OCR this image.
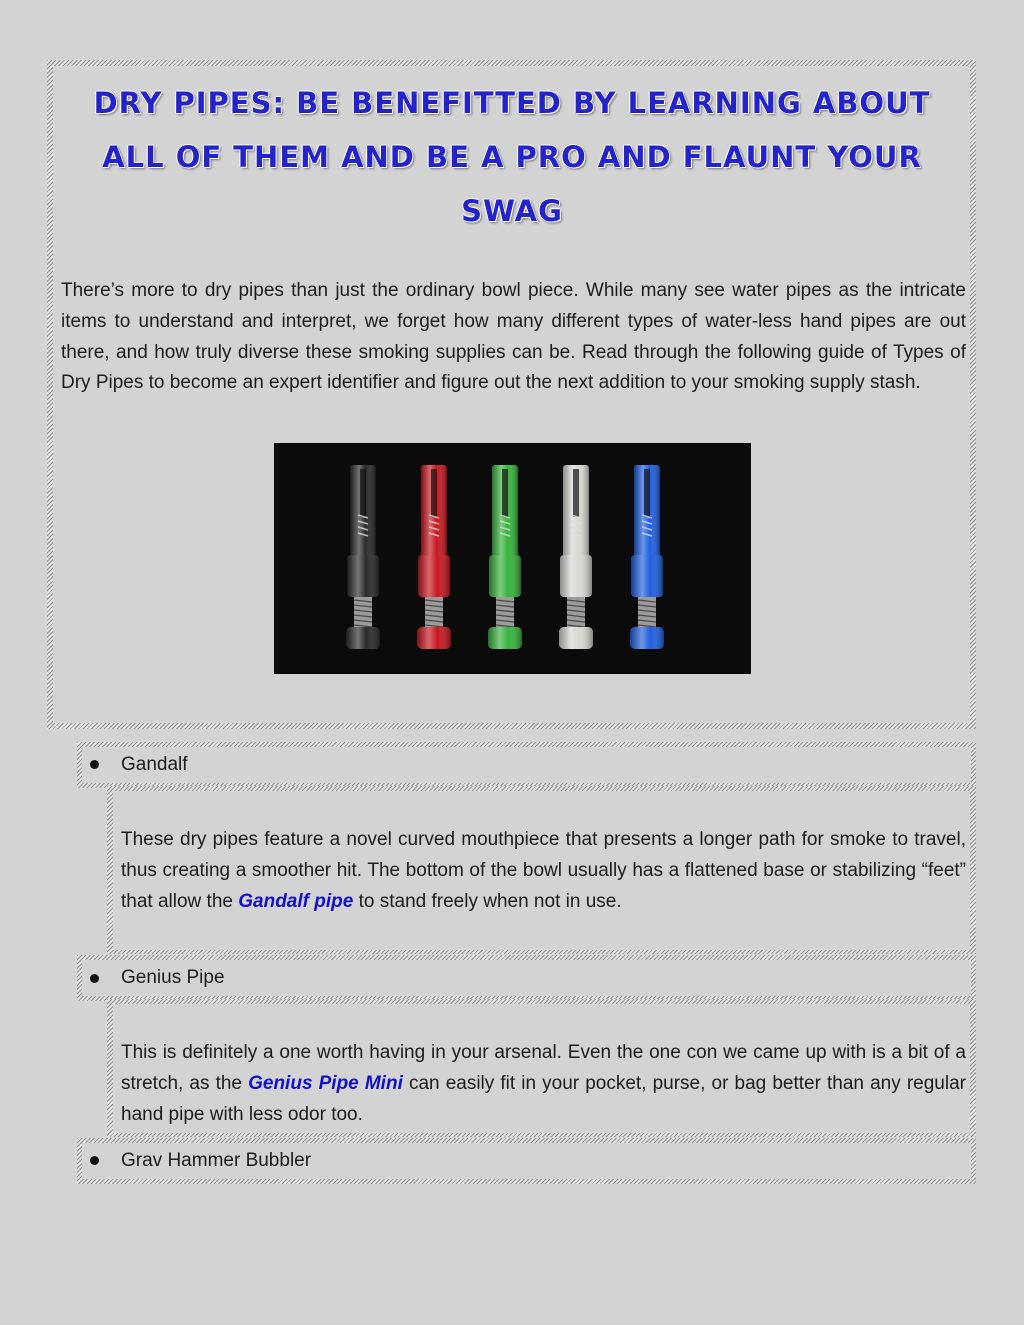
DRY PIPES: BE BENEFITTED BY LEARNING ABOUT ALL OF THEM AND BE A PRO AND FLAUNT YOUR SWAG

There’s more to dry pipes than just the ordinary bowl piece. While many see water pipes as the intricate items to understand and interpret, we forget how many different types of water-less hand pipes are out there, and how truly diverse these smoking supplies can be. Read through the following guide of Types of Dry Pipes to become an expert identifier and figure out the next addition to your smoking supply stash.

Gandalf

These dry pipes feature a novel curved mouthpiece that presents a longer path for smoke to travel, thus creating a smoother hit. The bottom of the bowl usually has a flattened base or stabilizing “feet” that allow the Gandalf pipe to stand freely when not in use.

Genius Pipe

This is definitely a one worth having in your arsenal. Even the one con we came up with is a bit of a stretch, as the Genius Pipe Mini can easily fit in your pocket, purse, or bag better than any regular hand pipe with less odor too.

Grav Hammer Bubbler
